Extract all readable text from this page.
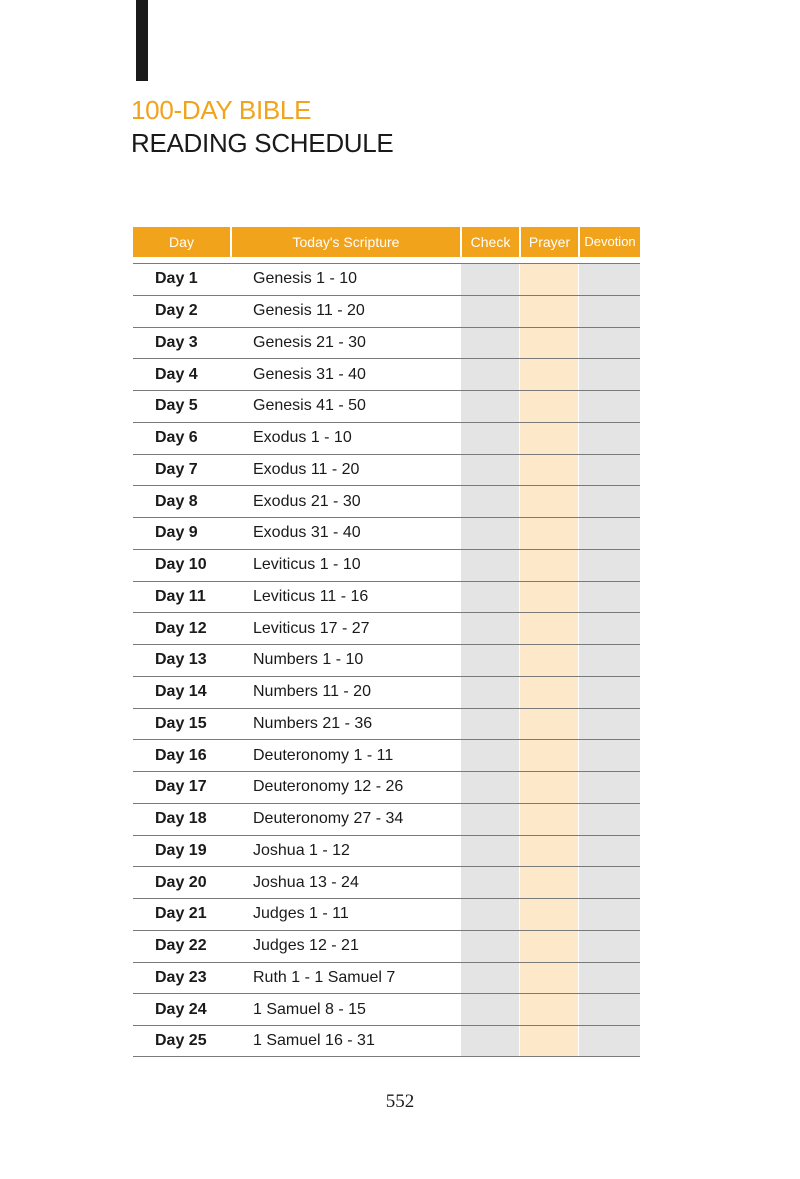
100-DAY BIBLE
READING SCHEDULE
Day	Today's Scripture	Check	Prayer	Devotion
Day 1	Genesis 1 - 10
Day 2	Genesis 11 - 20
Day 3	Genesis 21 - 30
Day 4	Genesis 31 - 40
Day 5	Genesis 41 - 50
Day 6	Exodus 1 - 10
Day 7	Exodus 11 - 20
Day 8	Exodus 21 - 30
Day 9	Exodus 31 - 40
Day 10	Leviticus 1 - 10
Day 11	Leviticus 11 - 16
Day 12	Leviticus 17 - 27
Day 13	Numbers 1 - 10
Day 14	Numbers 11 - 20
Day 15	Numbers 21 - 36
Day 16	Deuteronomy 1 - 11
Day 17	Deuteronomy 12 - 26
Day 18	Deuteronomy 27 - 34
Day 19	Joshua 1 - 12
Day 20	Joshua 13 - 24
Day 21	Judges 1 - 11
Day 22	Judges 12 - 21
Day 23	Ruth 1 - 1 Samuel 7
Day 24	1 Samuel 8 - 15
Day 25	1 Samuel 16 - 31
552
